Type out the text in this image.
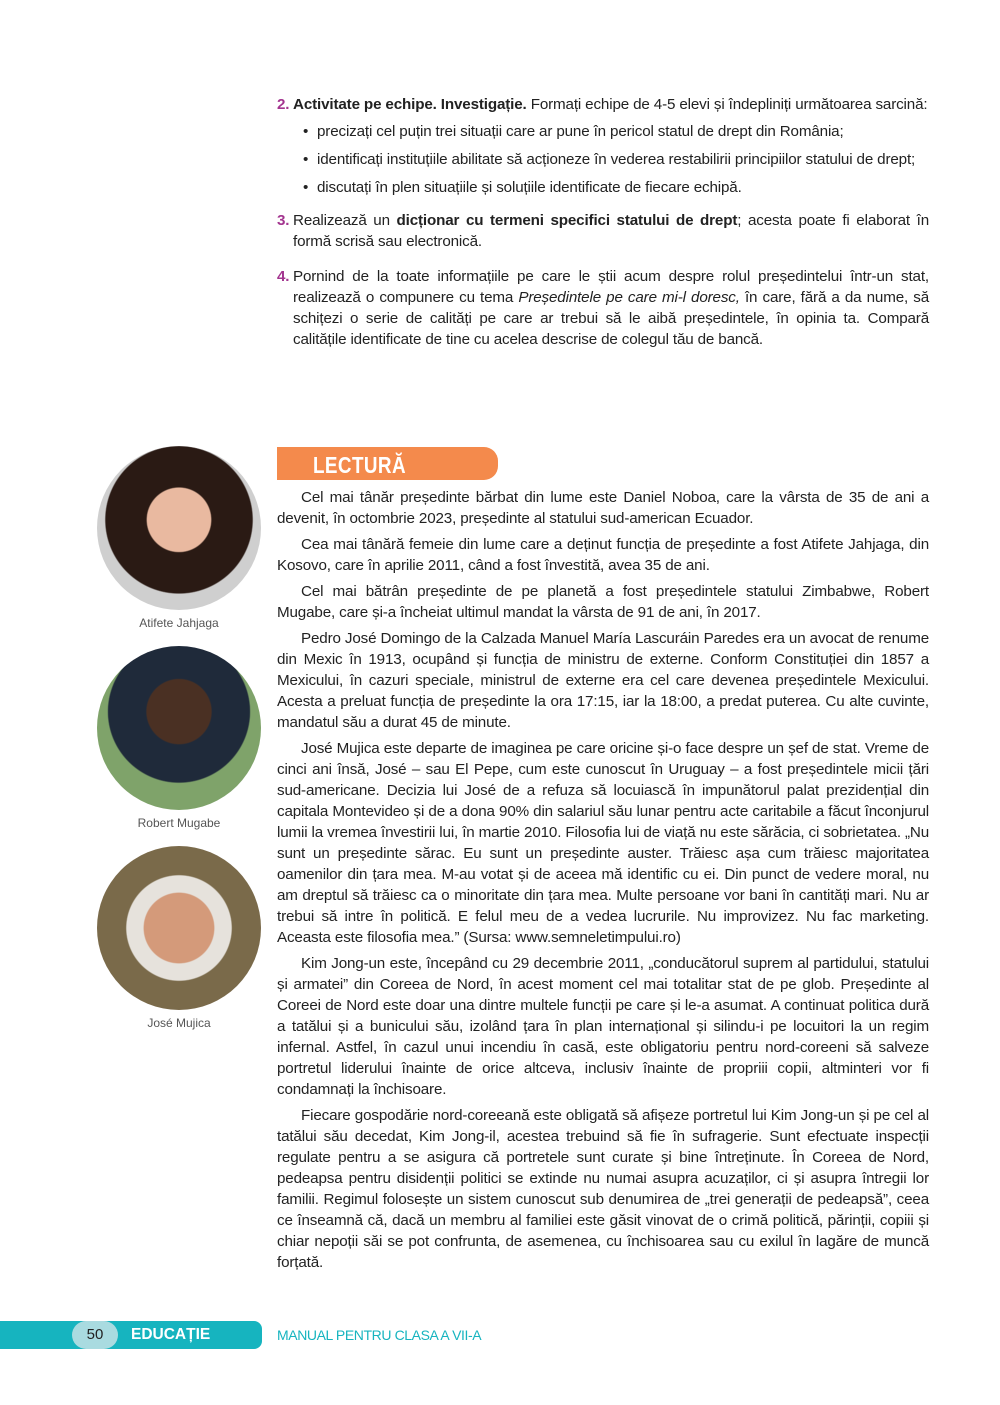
2. Activitate pe echipe. Investigație. Formați echipe de 4-5 elevi și îndepliniți următoarea sarcină:
• precizați cel puțin trei situații care ar pune în pericol statul de drept din România;
• identificați instituțiile abilitate să acționeze în vederea restabilirii principiilor statului de drept;
• discutați în plen situațiile și soluțiile identificate de fiecare echipă.
3. Realizează un dicționar cu termeni specifici statului de drept; acesta poate fi elaborat în formă scrisă sau electronică.
4. Pornind de la toate informațiile pe care le știi acum despre rolul președintelui într-un stat, realizează o compunere cu tema Președintele pe care mi-l doresc, în care, fără a da nume, să schițezi o serie de calități pe care ar trebui să le aibă președintele, în opinia ta. Compară calitățile identificate de tine cu acelea descrise de colegul tău de bancă.
LECTURĂ

Cel mai tânăr președinte bărbat din lume este Daniel Noboa, care la vârsta de 35 de ani a devenit, în octombrie 2023, președinte al statului sud-american Ecuador.

Cea mai tânără femeie din lume care a deținut funcția de președinte a fost Atifete Jahjaga, din Kosovo, care în aprilie 2011, când a fost învestită, avea 35 de ani.

Cel mai bătrân președinte de pe planetă a fost președintele statului Zimbabwe, Robert Mugabe, care și-a încheiat ultimul mandat la vârsta de 91 de ani, în 2017.

Pedro José Domingo de la Calzada Manuel María Lascuráin Paredes era un avocat de renume din Mexic în 1913, ocupând și funcția de ministru de externe. Conform Constituției din 1857 a Mexicului, în cazuri speciale, ministrul de externe era cel care devenea președintele Mexicului. Acesta a preluat funcția de președinte la ora 17:15, iar la 18:00, a predat puterea. Cu alte cuvinte, mandatul său a durat 45 de minute.

José Mujica este departe de imaginea pe care oricine și-o face despre un șef de stat. Vreme de cinci ani însă, José – sau El Pepe, cum este cunoscut în Uruguay – a fost președintele micii țări sud-americane. Decizia lui José de a refuza să locuiască în impunătorul palat prezidențial din capitala Montevideo și de a dona 90% din salariul său lunar pentru acte caritabile a făcut înconjurul lumii la vremea învestirii lui, în martie 2010. Filosofia lui de viață nu este sărăcia, ci sobrietatea. „Nu sunt un președinte sărac. Eu sunt un președinte auster. Trăiesc așa cum trăiesc majoritatea oamenilor din țara mea. M-au votat și de aceea mă identific cu ei. Din punct de vedere moral, nu am dreptul să trăiesc ca o minoritate din țara mea. Multe persoane vor bani în cantități mari. Nu ar trebui să intre în politică. E felul meu de a vedea lucrurile. Nu improvizez. Nu fac marketing. Aceasta este filosofia mea.” (Sursa: www.semneletimpului.ro)

Kim Jong-un este, începând cu 29 decembrie 2011, „conducătorul suprem al partidului, statului și armatei” din Coreea de Nord, în acest moment cel mai totalitar stat de pe glob. Președinte al Coreei de Nord este doar una dintre multele funcții pe care și le-a asumat. A continuat politica dură a tatălui și a bunicului său, izolând țara în plan internațional și silindu-i pe locuitori la un regim infernal. Astfel, în cazul unui incendiu în casă, este obligatoriu pentru nord-coreeni să salveze portretul liderului înainte de orice altceva, inclusiv înainte de propriii copii, altminteri vor fi condamnați la închisoare.

Fiecare gospodărie nord-coreeană este obligată să afișeze portretul lui Kim Jong-un și pe cel al tatălui său decedat, Kim Jong-il, acestea trebuind să fie în sufragerie. Sunt efectuate inspecții regulate pentru a se asigura că portretele sunt curate și bine întreținute. În Coreea de Nord, pedeapsa pentru disidenții politici se extinde nu numai asupra acuzaților, ci și asupra întregii lor familii. Regimul folosește un sistem cunoscut sub denumirea de „trei generații de pedeapsă”, ceea ce înseamnă că, dacă un membru al familiei este găsit vinovat de o crimă politică, părinții, copiii și chiar nepoții săi se pot confrunta, de asemenea, cu închisoarea sau cu exilul în lagăre de muncă forțată.

Atifete Jahjaga
Robert Mugabe
José Mujica
50	EDUCAȚIE SOCIALĂ
MANUAL PENTRU CLASA A VII-A
